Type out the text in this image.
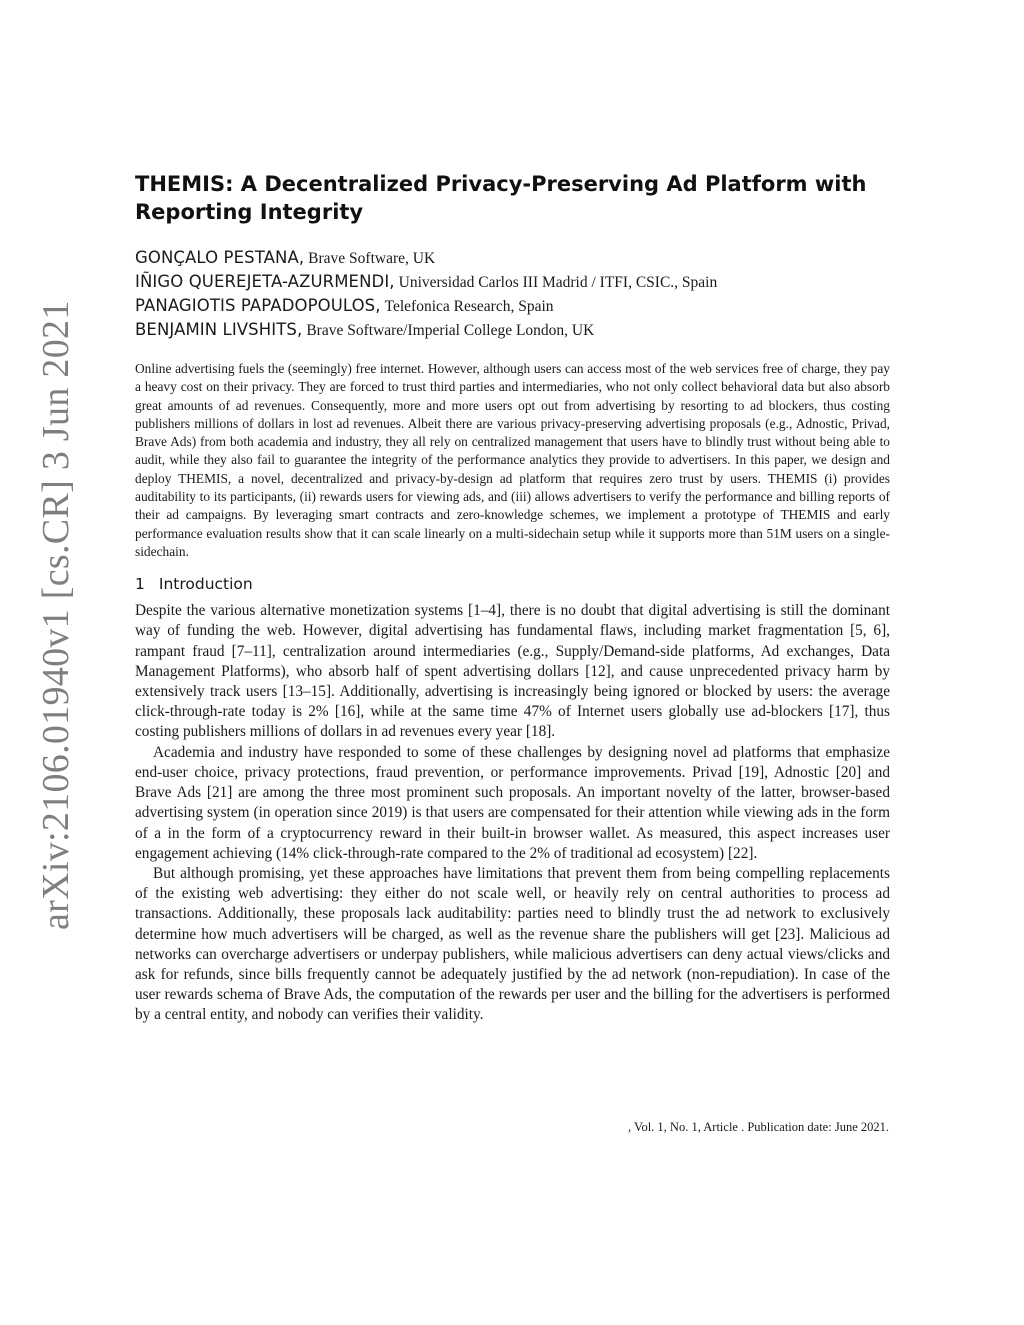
arXiv:2106.01940v1 [cs.CR] 3 Jun 2021
THEMIS: A Decentralized Privacy-Preserving Ad Platform with Reporting Integrity
GONÇALO PESTANA, Brave Software, UK
IÑIGO QUEREJETA-AZURMENDI, Universidad Carlos III Madrid / ITFI, CSIC., Spain
PANAGIOTIS PAPADOPOULOS, Telefonica Research, Spain
BENJAMIN LIVSHITS, Brave Software/Imperial College London, UK

Online advertising fuels the (seemingly) free internet. However, although users can access most of the web services free of charge, they pay a heavy cost on their privacy. They are forced to trust third parties and intermediaries, who not only collect behavioral data but also absorb great amounts of ad revenues. Consequently, more and more users opt out from advertising by resorting to ad blockers, thus costing publishers millions of dollars in lost ad revenues. Albeit there are various privacy-preserving advertising proposals (e.g., Adnostic, Privad, Brave Ads) from both academia and industry, they all rely on centralized management that users have to blindly trust without being able to audit, while they also fail to guarantee the integrity of the performance analytics they provide to advertisers. In this paper, we design and deploy THEMIS, a novel, decentralized and privacy-by-design ad platform that requires zero trust by users. THEMIS (i) provides auditability to its participants, (ii) rewards users for viewing ads, and (iii) allows advertisers to verify the performance and billing reports of their ad campaigns. By leveraging smart contracts and zero-knowledge schemes, we implement a prototype of THEMIS and early performance evaluation results show that it can scale linearly on a multi-sidechain setup while it supports more than 51M users on a single-sidechain.

1 Introduction

Despite the various alternative monetization systems [1–4], there is no doubt that digital advertising is still the dominant way of funding the web. However, digital advertising has fundamental flaws, including market fragmentation [5, 6], rampant fraud [7–11], centralization around intermediaries (e.g., Supply/Demand-side platforms, Ad exchanges, Data Management Platforms), who absorb half of spent advertising dollars [12], and cause unprecedented privacy harm by extensively track users [13–15]. Additionally, advertising is increasingly being ignored or blocked by users: the average click-through-rate today is 2% [16], while at the same time 47% of Internet users globally use ad-blockers [17], thus costing publishers millions of dollars in ad revenues every year [18].

Academia and industry have responded to some of these challenges by designing novel ad platforms that emphasize end-user choice, privacy protections, fraud prevention, or performance improvements. Privad [19], Adnostic [20] and Brave Ads [21] are among the three most prominent such proposals. An important novelty of the latter, browser-based advertising system (in operation since 2019) is that users are compensated for their attention while viewing ads in the form of a in the form of a cryptocurrency reward in their built-in browser wallet. As measured, this aspect increases user engagement achieving (14% click-through-rate compared to the 2% of traditional ad ecosystem) [22].

But although promising, yet these approaches have limitations that prevent them from being compelling replacements of the existing web advertising: they either do not scale well, or heavily rely on central authorities to process ad transactions. Additionally, these proposals lack auditability: parties need to blindly trust the ad network to exclusively determine how much advertisers will be charged, as well as the revenue share the publishers will get [23]. Malicious ad networks can overcharge advertisers or underpay publishers, while malicious advertisers can deny actual views/clicks and ask for refunds, since bills frequently cannot be adequately justified by the ad network (non-repudiation). In case of the user rewards schema of Brave Ads, the computation of the rewards per user and the billing for the advertisers is performed by a central entity, and nobody can verifies their validity.

, Vol. 1, No. 1, Article . Publication date: June 2021.
